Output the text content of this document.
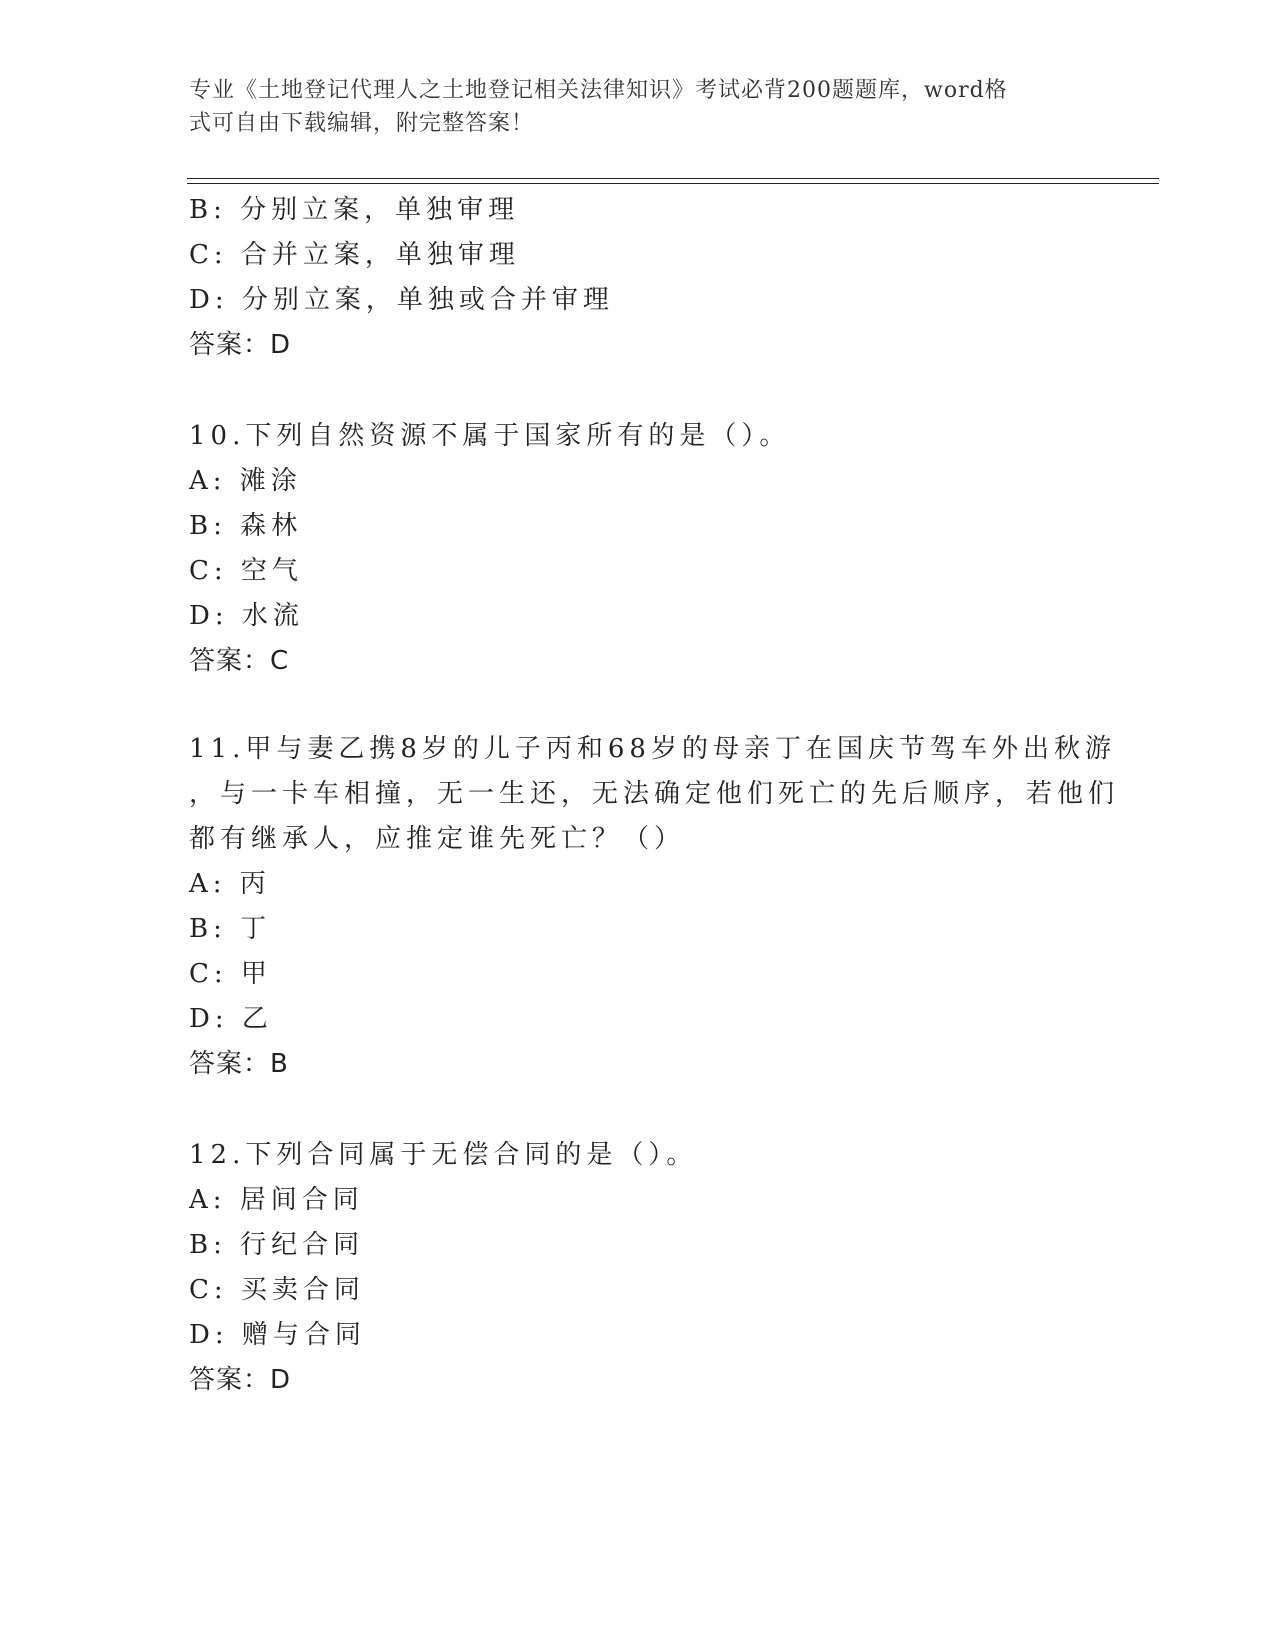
专业《土地登记代理人之土地登记相关法律知识》考试必背200题题库，word格
式可自由下载编辑，附完整答案！
B: 分别立案，单独审理
C: 合并立案，单独审理
D: 分别立案，单独或合并审理
答案：D
10.下列自然资源不属于国家所有的是（）。
A: 滩涂
B: 森林
C: 空气
D: 水流
答案：C
11.甲与妻乙携8岁的儿子丙和68岁的母亲丁在国庆节驾车外出秋游
，与一卡车相撞，无一生还，无法确定他们死亡的先后顺序，若他们
都有继承人，应推定谁先死亡？（）
A: 丙
B: 丁
C: 甲
D: 乙
答案：B
12.下列合同属于无偿合同的是（）。
A: 居间合同
B: 行纪合同
C: 买卖合同
D: 赠与合同
答案：D
